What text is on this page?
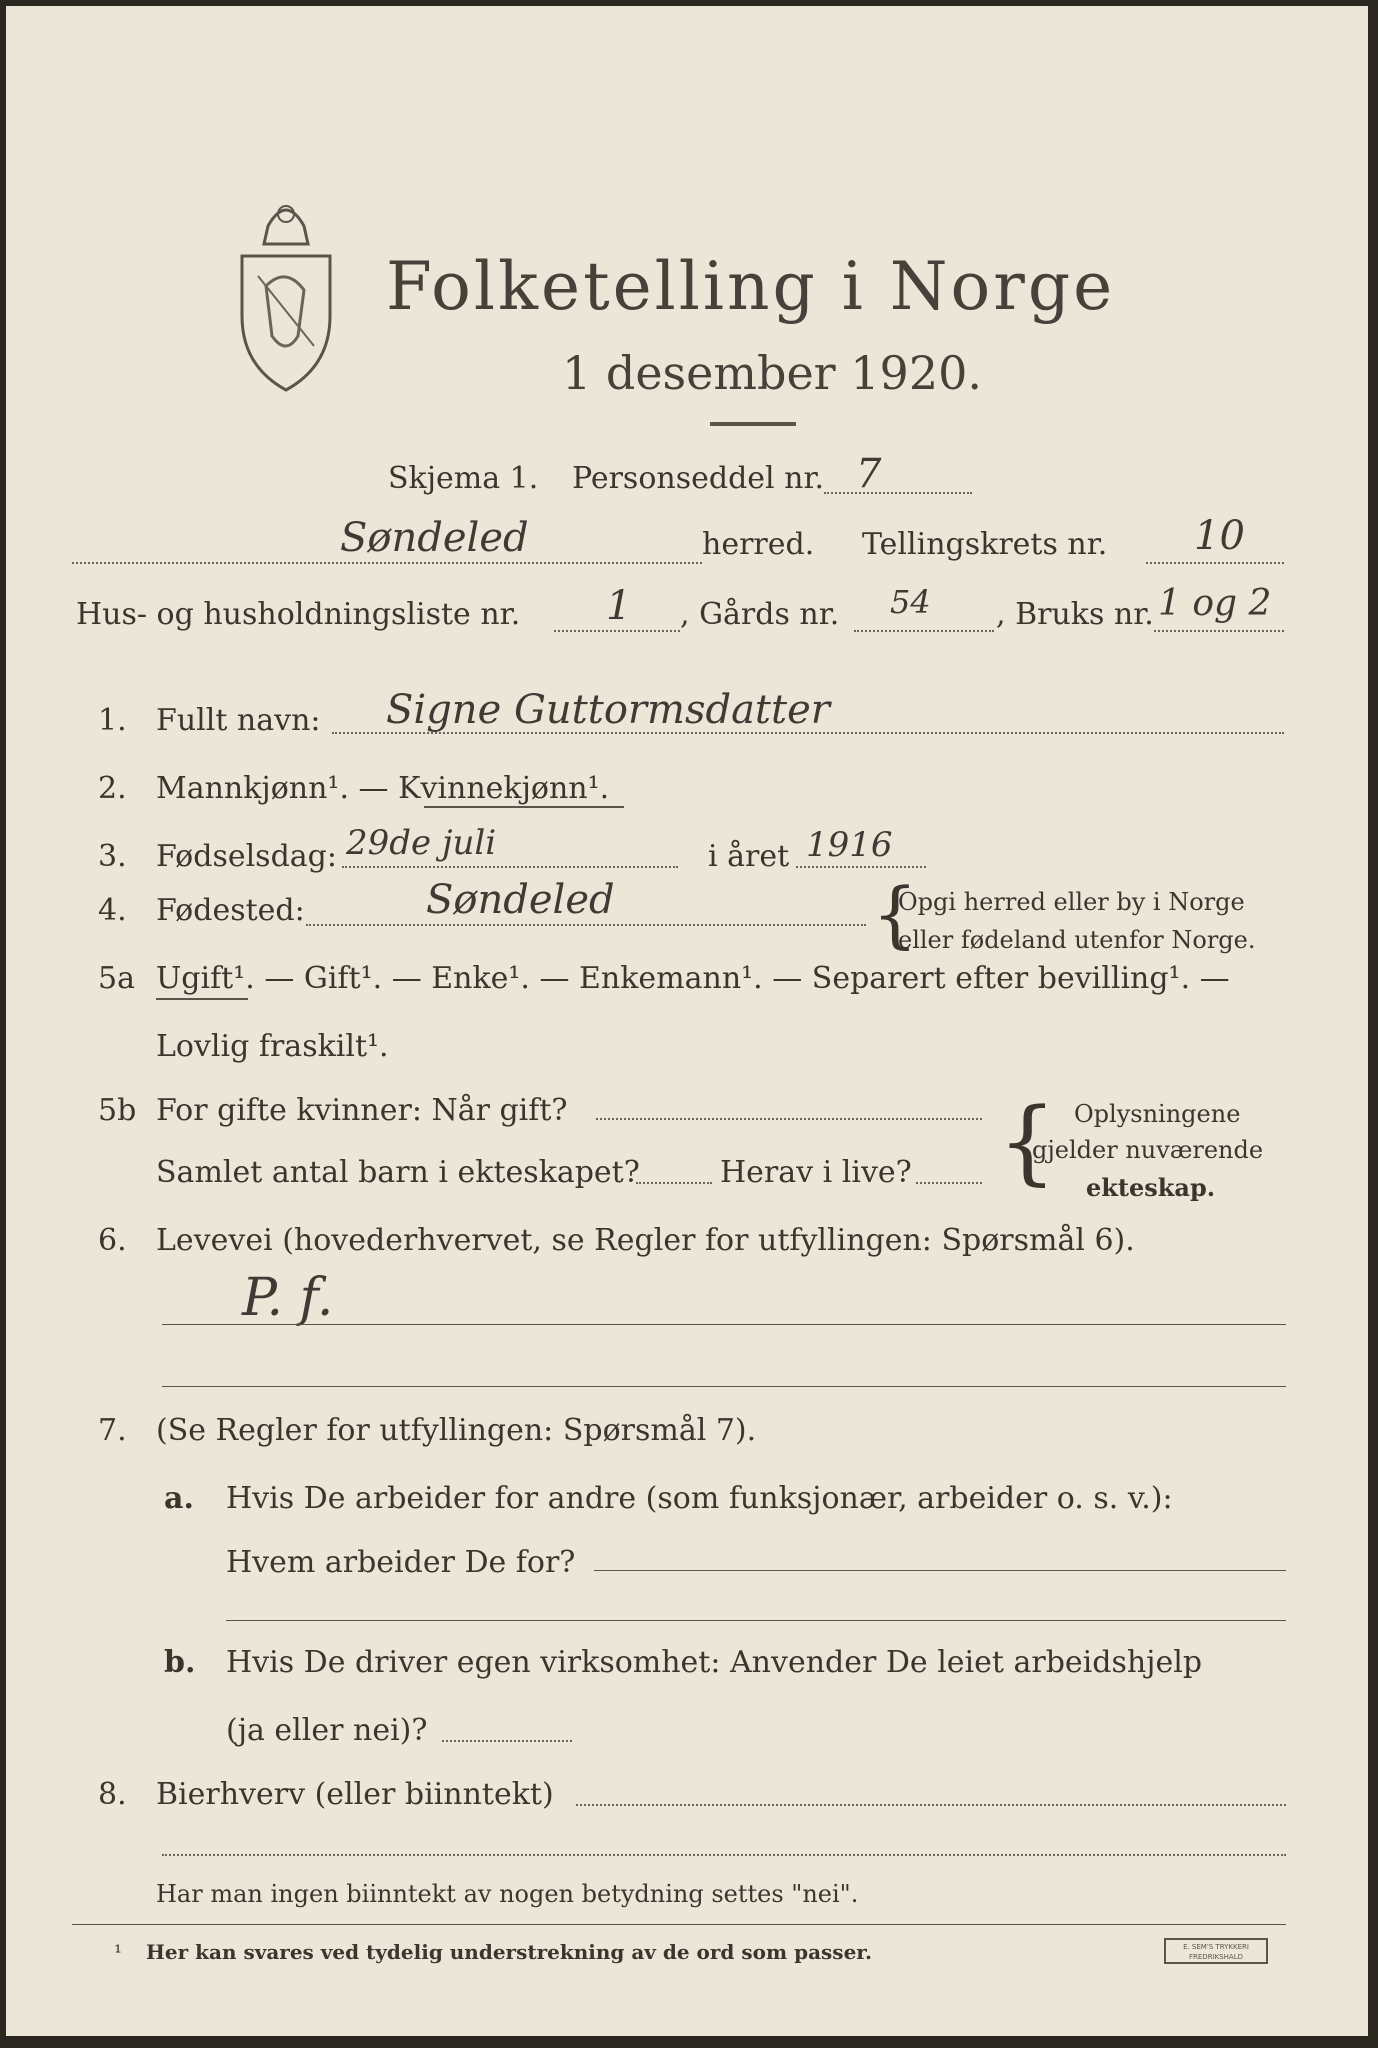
Folketelling i Norge
1 desember 1920.
Skjema 1. Personseddel nr. 7
Søndeled	herred. Tellingskrets nr. 10
Hus- og husholdningsliste nr. 1 , Gårds nr. 54 , Bruks nr. 1 og 2
1. Fullt navn: Signe Guttormsdatter
2. Mannkjønn¹. — Kvinnekjønn¹.
3. Fødselsdag: 29de juli	i året 1916
4. Fødested:	Søndeled	{
Opgi herred eller by i Norge
eller fødeland utenfor Norge.
5a Ugift¹. — Gift¹. — Enke¹. — Enkemann¹. — Separert efter bevilling¹. —
Lovlig fraskilt¹.
5b For gifte kvinner: Når gift?
Samlet antal barn i ekteskapet?	Herav i live? { Oplysningene
gjelder nuværende
ekteskap.
6. Levevei (hovederhvervet, se Regler for utfyllingen: Spørsmål 6).
P. f.
7. (Se Regler for utfyllingen: Spørsmål 7).
a. Hvis De arbeider for andre (som funksjonær, arbeider o. s. v.):
Hvem arbeider De for?
b. Hvis De driver egen virksomhet: Anvender De leiet arbeidshjelp
(ja eller nei)?
8. Bierhverv (eller biinntekt)
Har man ingen biinntekt av nogen betydning settes "nei".
¹ Her kan svares ved tydelig understrekning av de ord som passer.	E. SEM'S TRYKKERI FREDRIKSHALD
